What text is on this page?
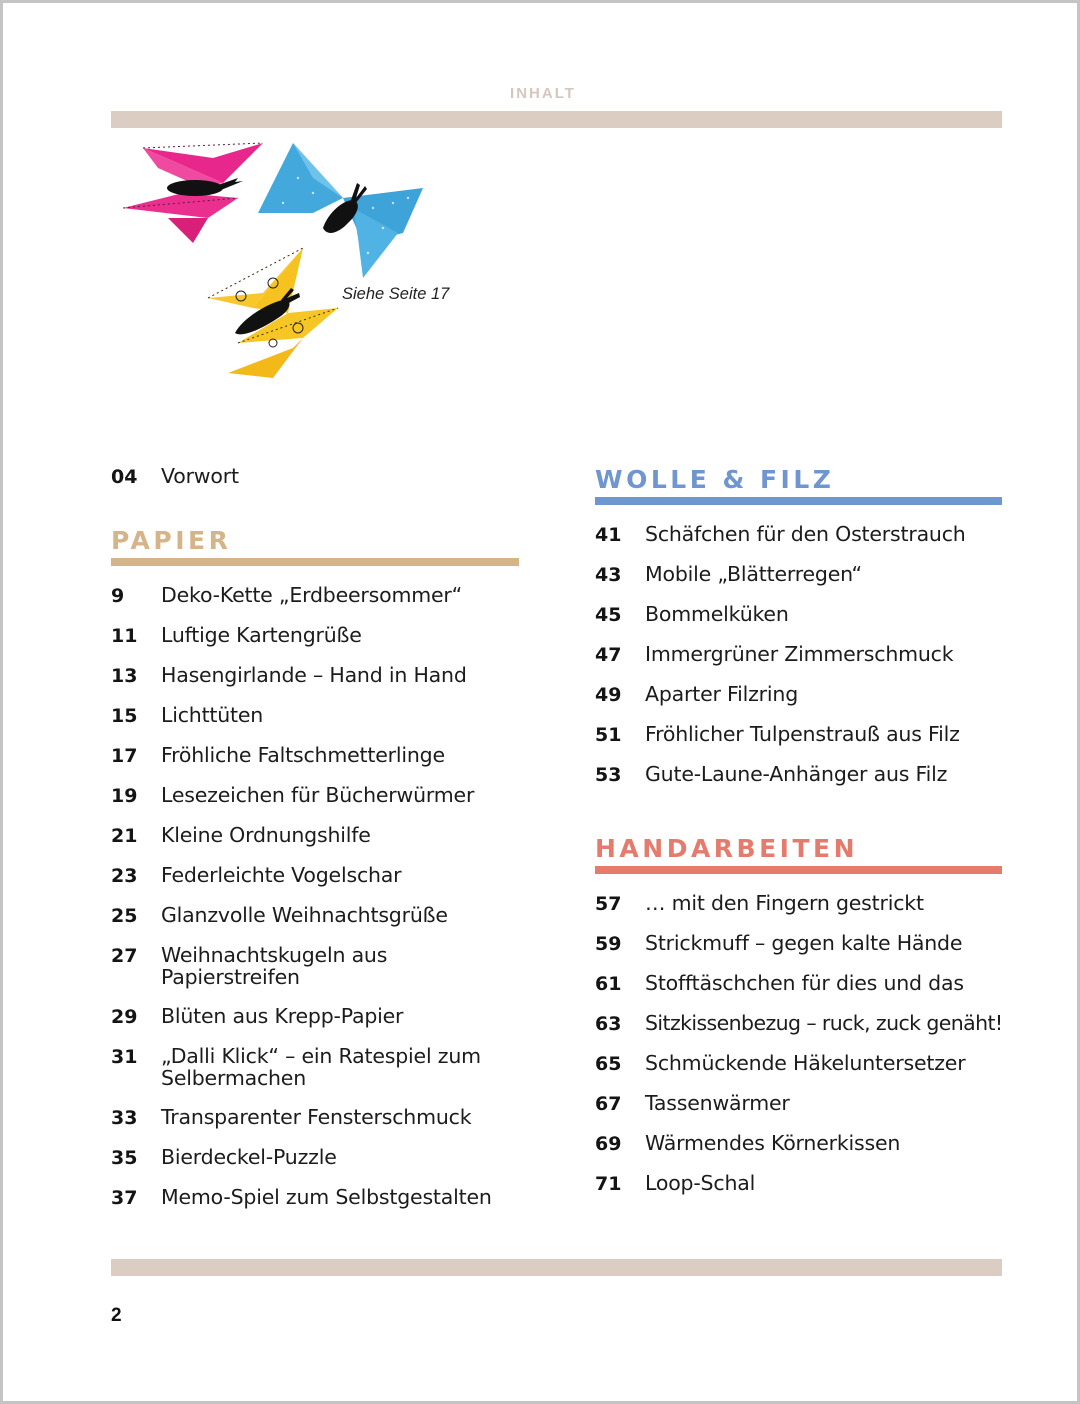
INHALT
Siehe Seite 17
04	Vorwort
PAPIER
9	Deko-Kette „Erdbeersommer“
11	Luftige Kartengrüße
13	Hasengirlande – Hand in Hand
15	Lichttüten
17	Fröhliche Faltschmetterlinge
19	Lesezeichen für Bücherwürmer
21	Kleine Ordnungshilfe
23	Federleichte Vogelschar
25	Glanzvolle Weihnachtsgrüße
27	Weihnachtskugeln aus Papierstreifen
29	Blüten aus Krepp-Papier
31	„Dalli Klick“ – ein Ratespiel zum Selbermachen
33	Transparenter Fensterschmuck
35	Bierdeckel-Puzzle
37	Memo-Spiel zum Selbstgestalten
WOLLE & FILZ
41	Schäfchen für den Osterstrauch
43	Mobile „Blätterregen“
45	Bommelküken
47	Immergrüner Zimmerschmuck
49	Aparter Filzring
51	Fröhlicher Tulpenstrauß aus Filz
53	Gute-Laune-Anhänger aus Filz
HANDARBEITEN
57	… mit den Fingern gestrickt
59	Strickmuff – gegen kalte Hände
61	Stofftäschchen für dies und das
63	Sitzkissenbezug – ruck, zuck genäht!
65	Schmückende Häkeluntersetzer
67	Tassenwärmer
69	Wärmendes Körnerkissen
71	Loop-Schal
2
